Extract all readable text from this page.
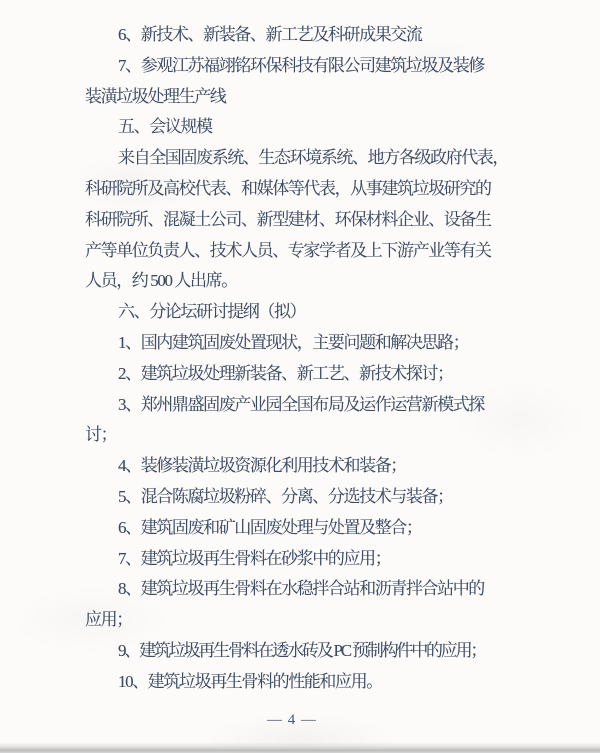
6、新技术、新装备、新工艺及科研成果交流
7、参观江苏福翊铭环保科技有限公司建筑垃圾及装修
装潢垃圾处理生产线
五、会议规模
来自全国固废系统、生态环境系统、地方各级政府代表，
科研院所及高校代表、和媒体等代表，从事建筑垃圾研究的
科研院所、混凝土公司、新型建材、环保材料企业、设备生
产等单位负责人、技术人员、专家学者及上下游产业等有关
人员，约 500 人出席。
六、分论坛研讨提纲（拟）
1、国内建筑固废处置现状，主要问题和解决思路；
2、建筑垃圾处理新装备、新工艺、新技术探讨；
3、郑州鼎盛固废产业园全国布局及运作运营新模式探
讨；
4、装修装潢垃圾资源化利用技术和装备；
5、混合陈腐垃圾粉碎、分离、分选技术与装备；
6、建筑固废和矿山固废处理与处置及整合；
7、建筑垃圾再生骨料在砂浆中的应用；
8、建筑垃圾再生骨料在水稳拌合站和沥青拌合站中的
应用；
9、建筑垃圾再生骨料在透水砖及 PC 预制构件中的应用；
10、建筑垃圾再生骨料的性能和应用。
— 4 —
